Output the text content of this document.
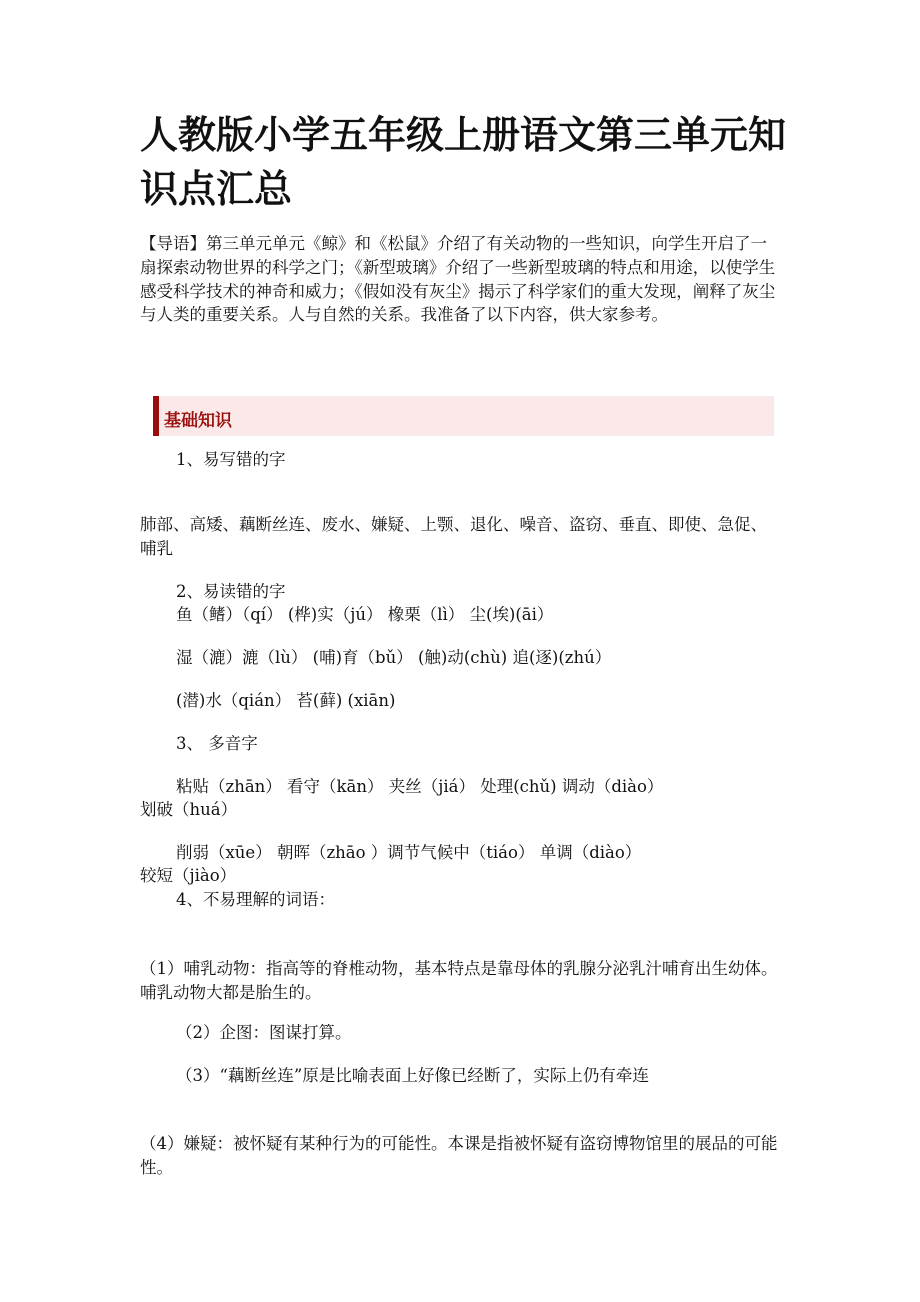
人教版小学五年级上册语文第三单元知识点汇总

【导语】第三单元单元《鲸》和《松鼠》介绍了有关动物的一些知识，向学生开启了一扇探索动物世界的科学之门；《新型玻璃》介绍了一些新型玻璃的特点和用途，以使学生感受科学技术的神奇和威力；《假如没有灰尘》揭示了科学家们的重大发现，阐释了灰尘与人类的重要关系。人与自然的关系。我准备了以下内容，供大家参考。

基础知识

1、易写错的字

肺部、高矮、藕断丝连、废水、嫌疑、上颚、退化、噪音、盗窃、垂直、即使、急促、哺乳

2、易读错的字

鱼（鳍）（qí） (桦)实（jú） 橡栗（lì） 尘(埃)(āi）

湿（漉）漉（lù） (哺)育（bǔ） (触)动(chù) 追(逐)(zhú）

(潜)水（qián） 苔(藓) (xiān)

3、 多音字

粘贴（zhān） 看守（kān） 夹丝（jiá） 处理(chǔ) 调动（diào）

划破（huá）

削弱（xūe） 朝晖（zhāo ）调节气候中（tiáo） 单调（diào）

较短（jiào）

4、不易理解的词语：

（1）哺乳动物：指高等的脊椎动物，基本特点是靠母体的乳腺分泌乳汁哺育出生幼体。哺乳动物大都是胎生的。

（2）企图：图谋打算。

（3）“藕断丝连”原是比喻表面上好像已经断了，实际上仍有牵连

（4）嫌疑：被怀疑有某种行为的可能性。本课是指被怀疑有盗窃博物馆里的展品的可能性。
